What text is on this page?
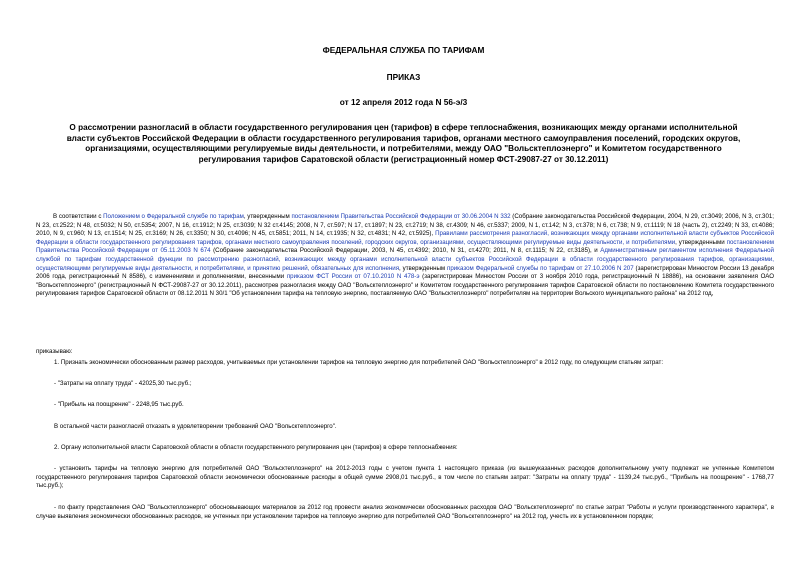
ФЕДЕРАЛЬНАЯ СЛУЖБА ПО ТАРИФАМ
ПРИКАЗ
от 12 апреля 2012 года N 56-э/3
О рассмотрении разногласий в области государственного регулирования цен (тарифов) в сфере теплоснабжения, возникающих между органами исполнительной власти субъектов Российской Федерации в области государственного регулирования тарифов, органами местного самоуправления поселений, городских округов, организациями, осуществляющими регулируемые виды деятельности, и потребителями, между ОАО "Вольсктеплоэнерго" и Комитетом государственного регулирования тарифов Саратовской области (регистрационный номер ФСТ-29087-27 от 30.12.2011)
В соответствии с Положением о Федеральной службе по тарифам, утвержденным постановлением Правительства Российской Федерации от 30.06.2004 N 332 (Собрание законодательства Российской Федерации, 2004, N 29, ст.3049; 2006, N 3, ст.301; N 23, ст.2522; N 48, ст.5032; N 50, ст.5354; 2007, N 16, ст.1912; N 25, ст.3039; N 32 ст.4145; 2008, N 7, ст.597; N 17, ст.1897; N 23, ст.2719; N 38, ст.4309; N 46, ст.5337; 2009, N 1, ст.142; N 3, ст.378; N 6, ст.738; N 9, ст.1119; N 18 (часть 2), ст.2249; N 33, ст.4086; 2010, N 9, ст.960; N 13, ст.1514; N 25, ст.3169; N 26, ст.3350; N 30, ст.4096; N 45, ст.5851; 2011, N 14, ст.1935; N 32, ст.4831; N 42, ст.5925), Правилами рассмотрения разногласий, возникающих между органами исполнительной власти субъектов Российской Федерации в области государственного регулирования тарифов, органами местного самоуправления поселений, городских округов, организациями, осуществляющими регулируемые виды деятельности, и потребителями, утвержденными постановлением Правительства Российской Федерации от 05.11.2003 N 674 (Собрание законодательства Российской Федерации, 2003, N 45, ст.4392; 2010, N 31, ст.4270; 2011, N 8, ст.1115; N 22, ст.3185), и Административным регламентом исполнения Федеральной службой по тарифам государственной функции по рассмотрению разногласий, возникающих между органами исполнительной власти субъектов Российской Федерации в области государственного регулирования тарифов, организациями, осуществляющими регулируемые виды деятельности, и потребителями, и принятию решений, обязательных для исполнения, утвержденным приказом Федеральной службы по тарифам от 27.10.2006 N 207 (зарегистрирован Минюстом России 13 декабря 2006 года, регистрационный N 8586), с изменениями и дополнениями, внесенными приказом ФСТ России от 07.10.2010 N 478-э (зарегистрирован Минюстом России от 3 ноября 2010 года, регистрационный N 18886), на основании заявления ОАО "Вольсктеплоэнерго" (регистрационный N ФСТ-29087-27 от 30.12.2011), рассмотрев разногласия между ОАО "Вольсктеплоэнерго" и Комитетом государственного регулирования тарифов Саратовской области по постановлению Комитета государственного регулирования тарифов Саратовской области от 08.12.2011 N 30/1 "Об установлении тарифа на тепловую энергию, поставляемую ОАО "Вольсктеплоэнерго" потребителям на территории Вольского муниципального района" на 2012 год,
приказываю:
1. Признать экономически обоснованным размер расходов, учитываемых при установлении тарифов на тепловую энергию для потребителей ОАО "Вольсктеплоэнерго" в 2012 году, по следующим статьям затрат:
- "Затраты на оплату труда" - 42025,30 тыс.руб.;
- "Прибыль на поощрение" - 2248,95 тыс.руб.
В остальной части разногласий отказать в удовлетворении требований ОАО "Вольсктеплоэнерго".
2. Органу исполнительной власти Саратовской области в области государственного регулирования цен (тарифов) в сфере теплоснабжения:
- установить тарифы на тепловую энергию для потребителей ОАО "Вольсктеплоэнерго" на 2012-2013 годы с учетом пункта 1 настоящего приказа (из вышеуказанных расходов дополнительному учету подлежат не учтенные Комитетом государственного регулирования тарифов Саратовской области экономически обоснованные расходы в общей сумме 2908,01 тыс.руб., в том числе по статьям затрат: "Затраты на оплату труда" - 1139,24 тыс.руб., "Прибыль на поощрение" - 1768,77 тыс.руб.);
- по факту представления ОАО "Вольсктеплоэнерго" обосновывающих материалов за 2012 год провести анализ экономически обоснованных расходов ОАО "Вольсктеплоэнерго" по статье затрат "Работы и услуги производственного характера", в случае выявления экономически обоснованных расходов, не учтенных при установлении тарифов на тепловую энергию для потребителей ОАО "Вольсктеплоэнерго" на 2012 год, учесть их в установленном порядке;
